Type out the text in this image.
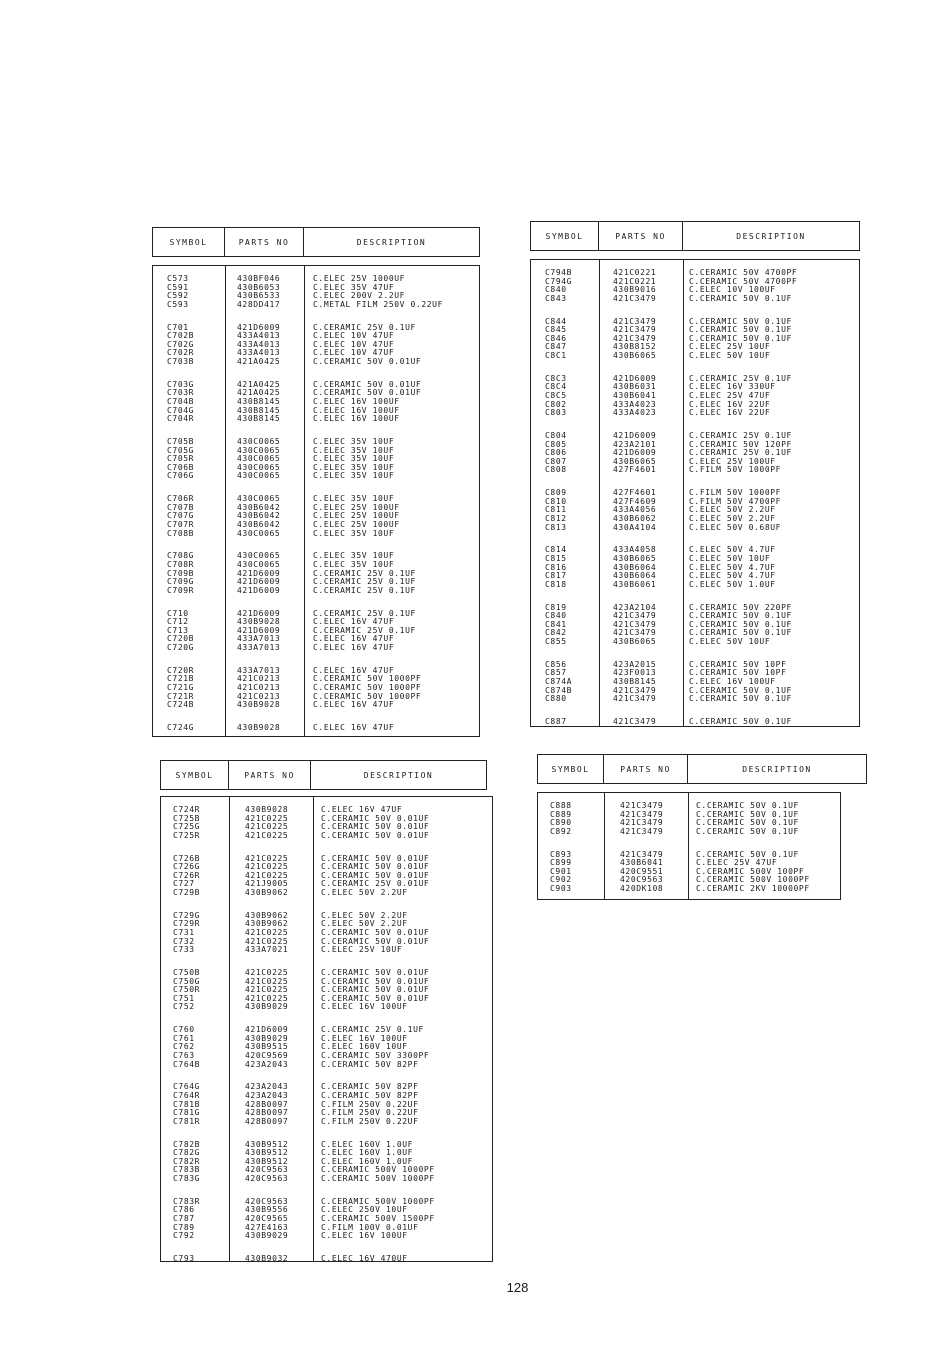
SYMBOL	PARTS NO	DESCRIPTION
C573	430BF046	C.ELEC 25V 1000UF
C591	430B6053	C.ELEC 35V 47UF
C592	430B6533	C.ELEC 200V 2.2UF
C593	428DD417	C.METAL FILM 250V 0.22UF
C701	421D6009	C.CERAMIC 25V 0.1UF
C702B	433A4013	C.ELEC 10V 47UF
C702G	433A4013	C.ELEC 10V 47UF
C702R	433A4013	C.ELEC 10V 47UF
C703B	421A0425	C.CERAMIC 50V 0.01UF
C703G	421A0425	C.CERAMIC 50V 0.01UF
C703R	421A0425	C.CERAMIC 50V 0.01UF
C704B	430B8145	C.ELEC 16V 100UF
C704G	430B8145	C.ELEC 16V 100UF
C704R	430B8145	C.ELEC 16V 100UF
C705B	430C0065	C.ELEC 35V 10UF
C705G	430C0065	C.ELEC 35V 10UF
C705R	430C0065	C.ELEC 35V 10UF
C706B	430C0065	C.ELEC 35V 10UF
C706G	430C0065	C.ELEC 35V 10UF
C706R	430C0065	C.ELEC 35V 10UF
C707B	430B6042	C.ELEC 25V 100UF
C707G	430B6042	C.ELEC 25V 100UF
C707R	430B6042	C.ELEC 25V 100UF
C708B	430C0065	C.ELEC 35V 10UF
C708G	430C0065	C.ELEC 35V 10UF
C708R	430C0065	C.ELEC 35V 10UF
C709B	421D6009	C.CERAMIC 25V 0.1UF
C709G	421D6009	C.CERAMIC 25V 0.1UF
C709R	421D6009	C.CERAMIC 25V 0.1UF
C710	421D6009	C.CERAMIC 25V 0.1UF
C712	430B9028	C.ELEC 16V 47UF
C713	421D6009	C.CERAMIC 25V 0.1UF
C720B	433A7013	C.ELEC 16V 47UF
C720G	433A7013	C.ELEC 16V 47UF
C720R	433A7013	C.ELEC 16V 47UF
C721B	421C0213	C.CERAMIC 50V 1000PF
C721G	421C0213	C.CERAMIC 50V 1000PF
C721R	421C0213	C.CERAMIC 50V 1000PF
C724B	430B9028	C.ELEC 16V 47UF
C724G	430B9028	C.ELEC 16V 47UF
SYMBOL	PARTS NO	DESCRIPTION
C794B	421C0221	C.CERAMIC 50V 4700PF
C794G	421C0221	C.CERAMIC 50V 4700PF
C840	430B9016	C.ELEC 10V 100UF
C843	421C3479	C.CERAMIC 50V 0.1UF
C844	421C3479	C.CERAMIC 50V 0.1UF
C845	421C3479	C.CERAMIC 50V 0.1UF
C846	421C3479	C.CERAMIC 50V 0.1UF
C847	430B8152	C.ELEC 25V 10UF
C8C1	430B6065	C.ELEC 50V 10UF
C8C3	421D6009	C.CERAMIC 25V 0.1UF
C8C4	430B6031	C.ELEC 16V 330UF
C8C5	430B6041	C.ELEC 25V 47UF
C802	433A4023	C.ELEC 16V 22UF
C803	433A4023	C.ELEC 16V 22UF
C804	421D6009	C.CERAMIC 25V 0.1UF
C805	423A2101	C.CERAMIC 50V 120PF
C806	421D6009	C.CERAMIC 25V 0.1UF
C807	430B6065	C.ELEC 25V 100UF
C808	427F4601	C.FILM 50V 1000PF
C809	427F4601	C.FILM 50V 1000PF
C810	427F4609	C.FILM 50V 4700PF
C811	433A4056	C.ELEC 50V 2.2UF
C812	430B6062	C.ELEC 50V 2.2UF
C813	430A4104	C.ELEC 50V 0.68UF
C814	433A4058	C.ELEC 50V 4.7UF
C815	430B6065	C.ELEC 50V 10UF
C816	430B6064	C.ELEC 50V 4.7UF
C817	430B6064	C.ELEC 50V 4.7UF
C818	430B6061	C.ELEC 50V 1.0UF
C819	423A2104	C.CERAMIC 50V 220PF
C840	421C3479	C.CERAMIC 50V 0.1UF
C841	421C3479	C.CERAMIC 50V 0.1UF
C842	421C3479	C.CERAMIC 50V 0.1UF
C855	430B6065	C.ELEC 50V 10UF
C856	423A2015	C.CERAMIC 50V 10PF
C857	423F0013	C.CERAMIC 50V 10PF
C874A	430B8145	C.ELEC 16V 100UF
C874B	421C3479	C.CERAMIC 50V 0.1UF
C880	421C3479	C.CERAMIC 50V 0.1UF
C887	421C3479	C.CERAMIC 50V 0.1UF
SYMBOL	PARTS NO	DESCRIPTION
C724R	430B9028	C.ELEC 16V 47UF
C725B	421C0225	C.CERAMIC 50V 0.01UF
C725G	421C0225	C.CERAMIC 50V 0.01UF
C725R	421C0225	C.CERAMIC 50V 0.01UF
C726B	421C0225	C.CERAMIC 50V 0.01UF
C726G	421C0225	C.CERAMIC 50V 0.01UF
C726R	421C0225	C.CERAMIC 50V 0.01UF
C727	421J9005	C.CERAMIC 25V 0.01UF
C729B	430B9062	C.ELEC 50V 2.2UF
C729G	430B9062	C.ELEC 50V 2.2UF
C729R	430B9062	C.ELEC 50V 2.2UF
C731	421C0225	C.CERAMIC 50V 0.01UF
C732	421C0225	C.CERAMIC 50V 0.01UF
C733	433A7021	C.ELEC 25V 10UF
C750B	421C0225	C.CERAMIC 50V 0.01UF
C750G	421C0225	C.CERAMIC 50V 0.01UF
C750R	421C0225	C.CERAMIC 50V 0.01UF
C751	421C0225	C.CERAMIC 50V 0.01UF
C752	430B9029	C.ELEC 16V 100UF
C760	421D6009	C.CERAMIC 25V 0.1UF
C761	430B9029	C.ELEC 16V 100UF
C762	430B9515	C.ELEC 160V 10UF
C763	420C9569	C.CERAMIC 50V 3300PF
C764B	423A2043	C.CERAMIC 50V 82PF
C764G	423A2043	C.CERAMIC 50V 82PF
C764R	423A2043	C.CERAMIC 50V 82PF
C781B	428B0097	C.FILM 250V 0.22UF
C781G	428B0097	C.FILM 250V 0.22UF
C781R	428B0097	C.FILM 250V 0.22UF
C782B	430B9512	C.ELEC 160V 1.0UF
C782G	430B9512	C.ELEC 160V 1.0UF
C782R	430B9512	C.ELEC 160V 1.0UF
C783B	420C9563	C.CERAMIC 500V 1000PF
C783G	420C9563	C.CERAMIC 500V 1000PF
C783R	420C9563	C.CERAMIC 500V 1000PF
C786	430B9556	C.ELEC 250V 10UF
C787	420C9565	C.CERAMIC 500V 1500PF
C789	427E4163	C.FILM 100V 0.01UF
C792	430B9029	C.ELEC 16V 100UF
C793	430B9032	C.ELEC 16V 470UF
SYMBOL	PARTS NO	DESCRIPTION
C888	421C3479	C.CERAMIC 50V 0.1UF
C889	421C3479	C.CERAMIC 50V 0.1UF
C890	421C3479	C.CERAMIC 50V 0.1UF
C892	421C3479	C.CERAMIC 50V 0.1UF
C893	421C3479	C.CERAMIC 50V 0.1UF
C899	430B6041	C.ELEC 25V 47UF
C901	420C9551	C.CERAMIC 500V 100PF
C902	420C9563	C.CERAMIC 500V 1000PF
C903	420DK108	C.CERAMIC 2KV 10000PF
128
